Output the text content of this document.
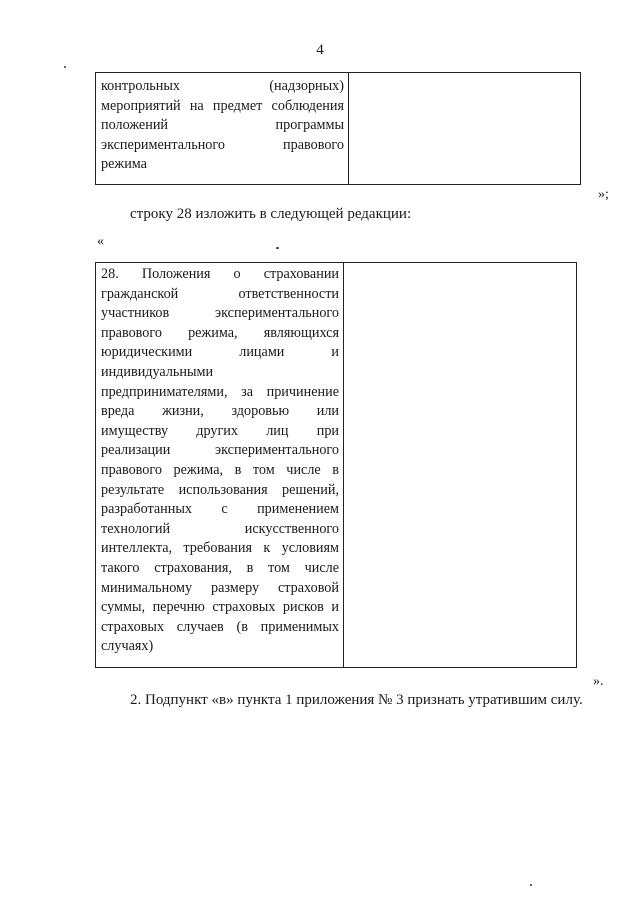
4
контрольных (надзорных)
мероприятий на предмет соблюдения
положений программы
экспериментального правового
режима
»;
строку 28 изложить в следующей редакции:
«
28. Положения о страховании
гражданской ответственности
участников экспериментального
правового режима, являющихся
юридическими лицами и
индивидуальными
предпринимателями, за причинение
вреда жизни, здоровью или
имуществу других лиц при
реализации экспериментального
правового режима, в том числе в
результате использования решений,
разработанных с применением
технологий искусственного
интеллекта, требования к условиям
такого страхования, в том числе
минимальному размеру страховой
суммы, перечню страховых рисков и
страховых случаев (в применимых
случаях)
».
2. Подпункт «в» пункта 1 приложения № 3 признать утратившим силу.
